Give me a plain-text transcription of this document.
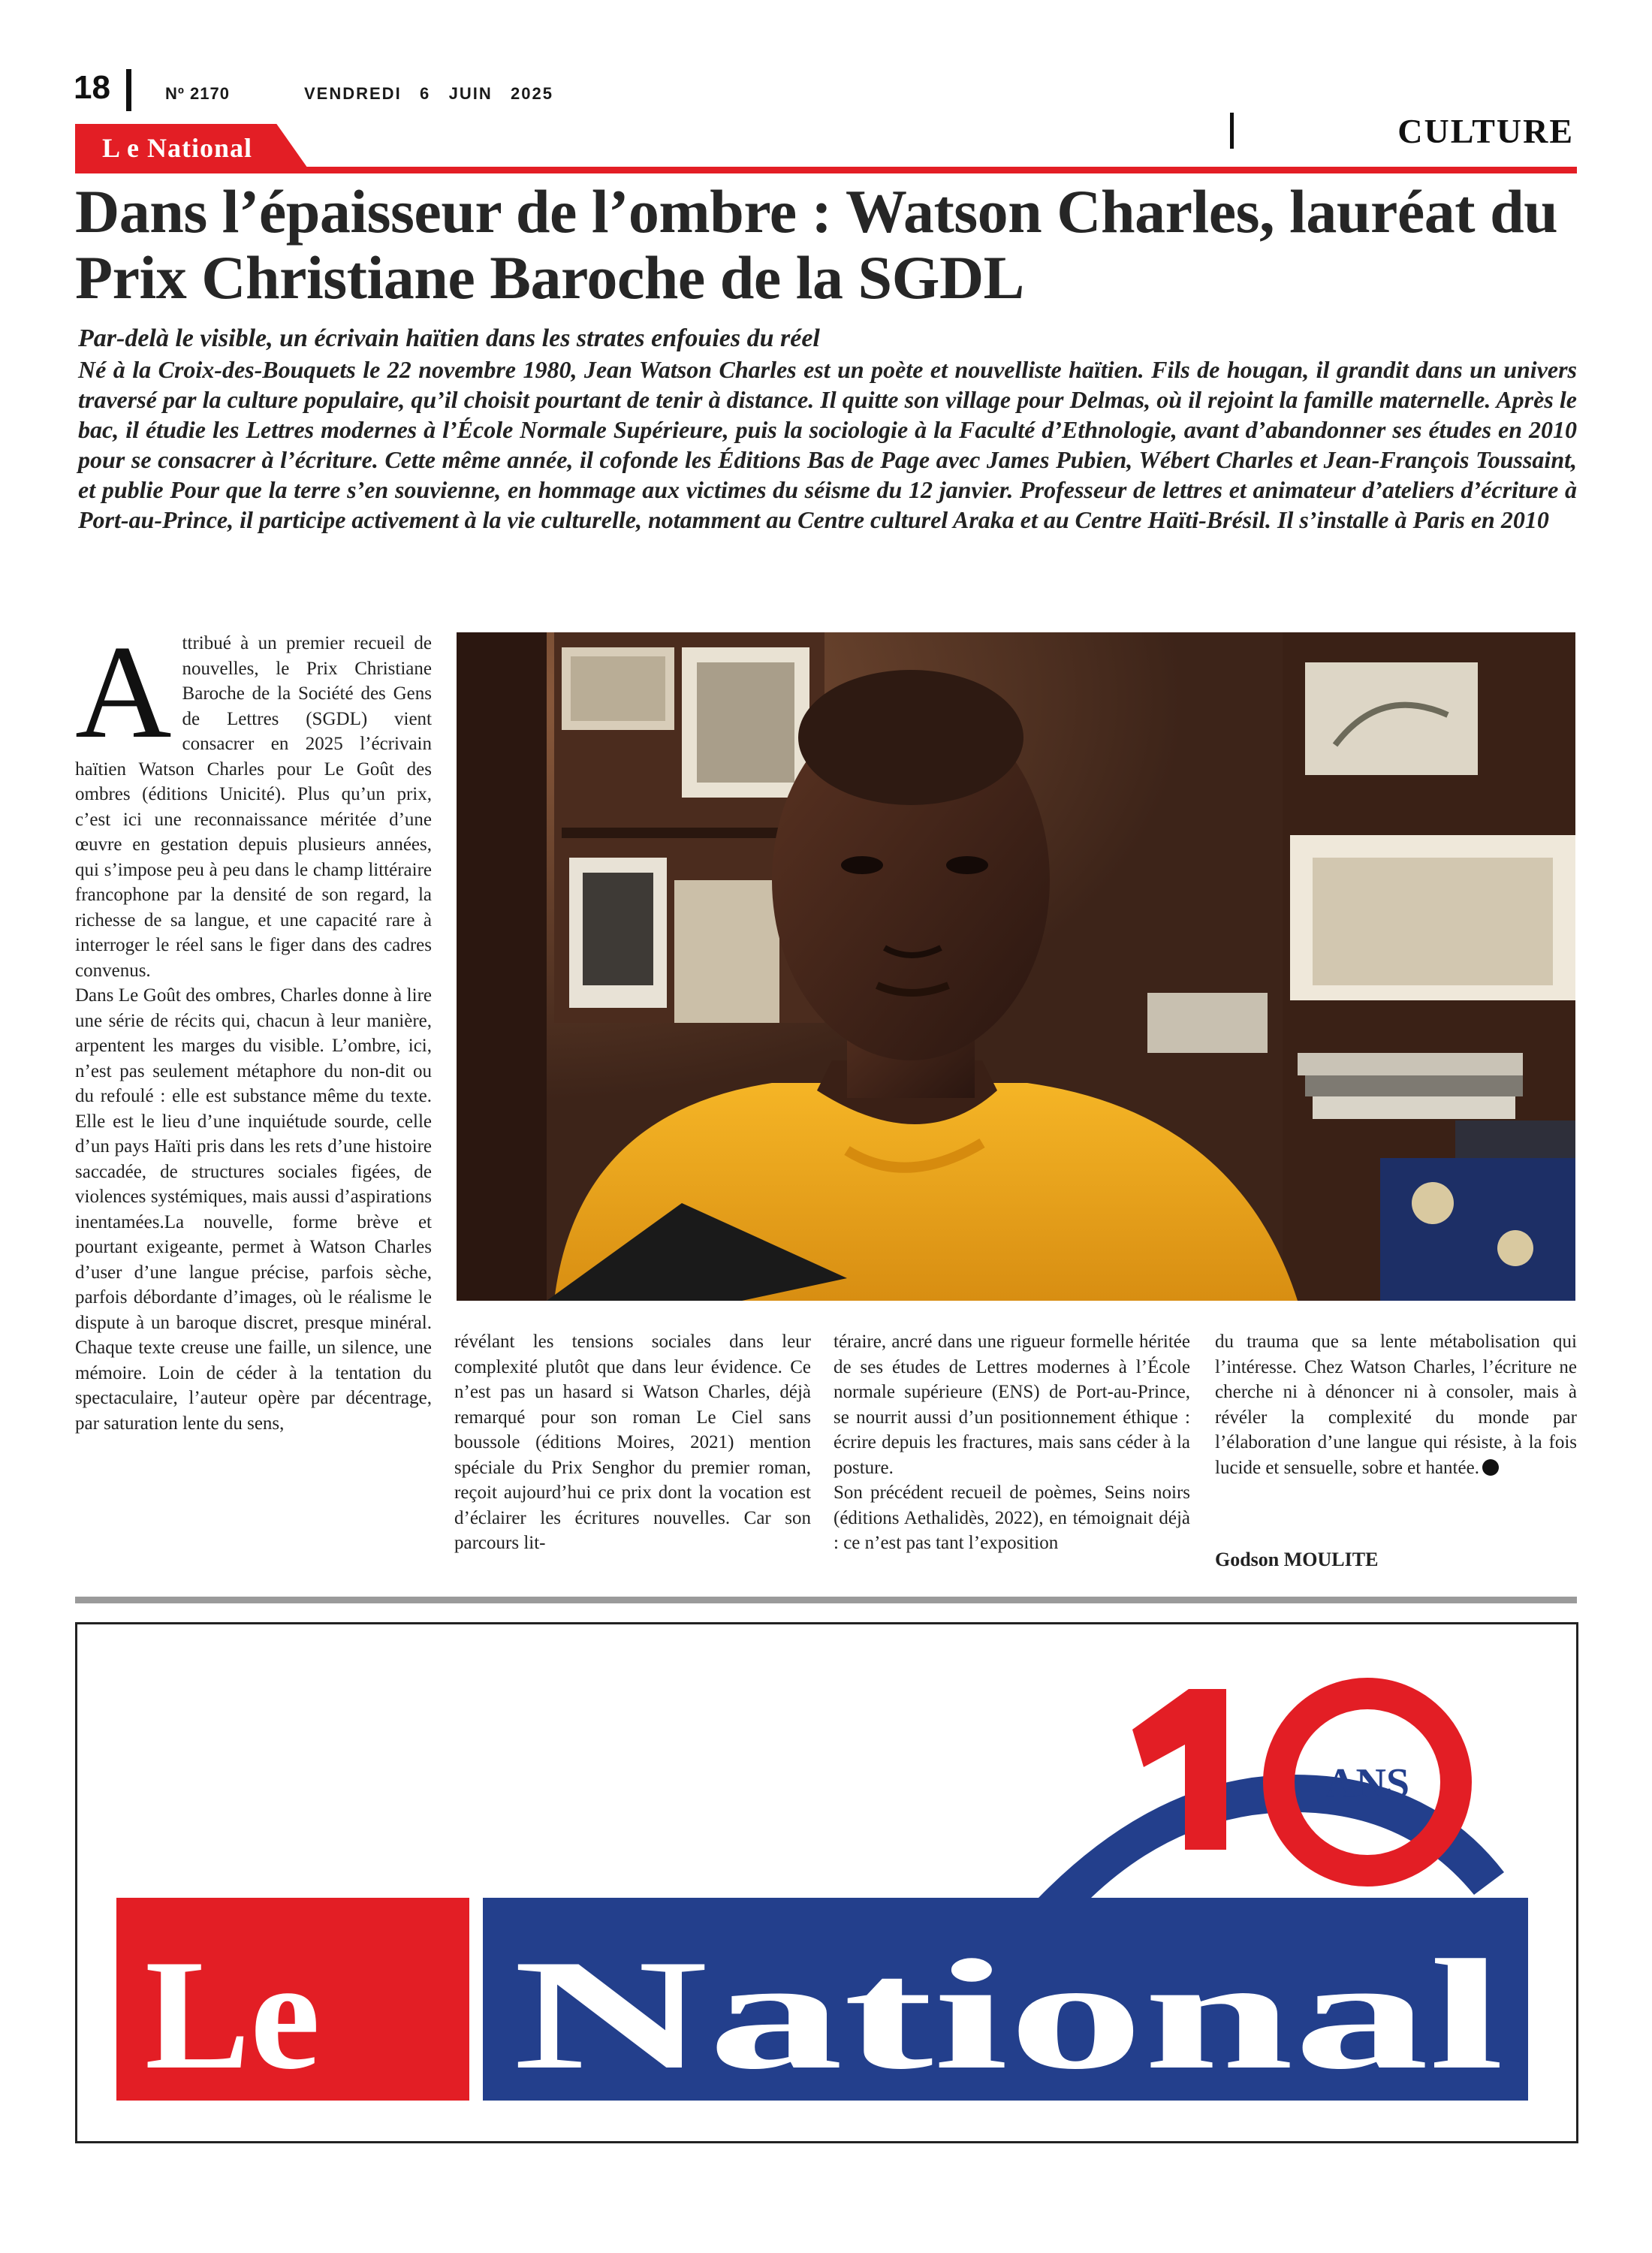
18	Nº 2170	VENDREDI   6   JUIN   2025
CULTURE
L e National
Dans l’épaisseur de l’ombre : Watson Charles, lauréat du Prix Christiane Baroche de la SGDL
Par-delà le visible, un écrivain haïtien dans les strates enfouies du réel
Né à la Croix-des-Bouquets le 22 novembre 1980, Jean Watson Charles est un poète et nouvelliste haïtien. Fils de hougan, il grandit dans un univers traversé par la culture populaire, qu’il choisit pourtant de tenir à distance. Il quitte son village pour Delmas, où il rejoint la famille maternelle. Après le bac, il étudie les Lettres modernes à l’École Normale Supérieure, puis la sociologie à la Faculté d’Ethnologie, avant d’abandonner ses études en 2010 pour se consacrer à l’écriture. Cette même année, il cofonde les Éditions Bas de Page avec James Pubien, Wébert Charles et Jean-François Toussaint, et publie Pour que la terre s’en souvienne, en hommage aux victimes du séisme du 12 janvier. Professeur de lettres et animateur d’ateliers d’écriture à Port-au-Prince, il participe activement à la vie culturelle, notamment au Centre culturel Araka et au Centre Haïti-Brésil. Il s’installe à Paris en 2010
A ttribué à un premier recueil de nouvelles, le Prix Christiane Baroche de la Société des Gens de Lettres (SGDL) vient consacrer en 2025 l’écrivain haïtien Watson Charles pour Le Goût des ombres (éditions Unicité). Plus qu’un prix, c’est ici une reconnaissance méritée d’une œuvre en gestation depuis plusieurs années, qui s’impose peu à peu dans le champ littéraire francophone par la densité de son regard, la richesse de sa langue, et une capacité rare à interroger le réel sans le figer dans des cadres convenus.

Dans Le Goût des ombres, Charles donne à lire une série de récits qui, chacun à leur manière, arpentent les marges du visible. L’ombre, ici, n’est pas seulement métaphore du non-dit ou du refoulé : elle est substance même du texte. Elle est le lieu d’une inquiétude sourde, celle d’un pays Haïti pris dans les rets d’une histoire saccadée, de structures sociales figées, de violences systémiques, mais aussi d’aspirations inentamées.La nouvelle, forme brève et pourtant exigeante, permet à Watson Charles d’user d’une langue précise, parfois sèche, parfois débordante d’images, où le réalisme le dispute à un baroque discret, presque minéral. Chaque texte creuse une faille, un silence, une mémoire. Loin de céder à la tentation du spectaculaire, l’auteur opère par décentrage, par saturation lente du sens,

révélant les tensions sociales dans leur complexité plutôt que dans leur évidence. Ce n’est pas un hasard si Watson Charles, déjà remarqué pour son roman Le Ciel sans boussole (éditions Moires, 2021) mention spéciale du Prix Senghor du premier roman, reçoit aujourd’hui ce prix dont la vocation est d’éclairer les écritures nouvelles. Car son parcours lit-

téraire, ancré dans une rigueur formelle héritée de ses études de Lettres modernes à l’École normale supérieure (ENS) de Port-au-Prince, se nourrit aussi d’un positionnement éthique : écrire depuis les fractures, mais sans céder à la posture.

Son précédent recueil de poèmes, Seins noirs (éditions Aethalidès, 2022), en témoignait déjà : ce n’est pas tant l’exposition

du trauma que sa lente métabolisation qui l’intéresse. Chez Watson Charles, l’écriture ne cherche ni à dénoncer ni à consoler, mais à révéler la complexité du monde par l’élaboration d’une langue qui résiste, à la fois lucide et sensuelle, sobre et hantée.

Godson MOULITE
ANS
Le National
